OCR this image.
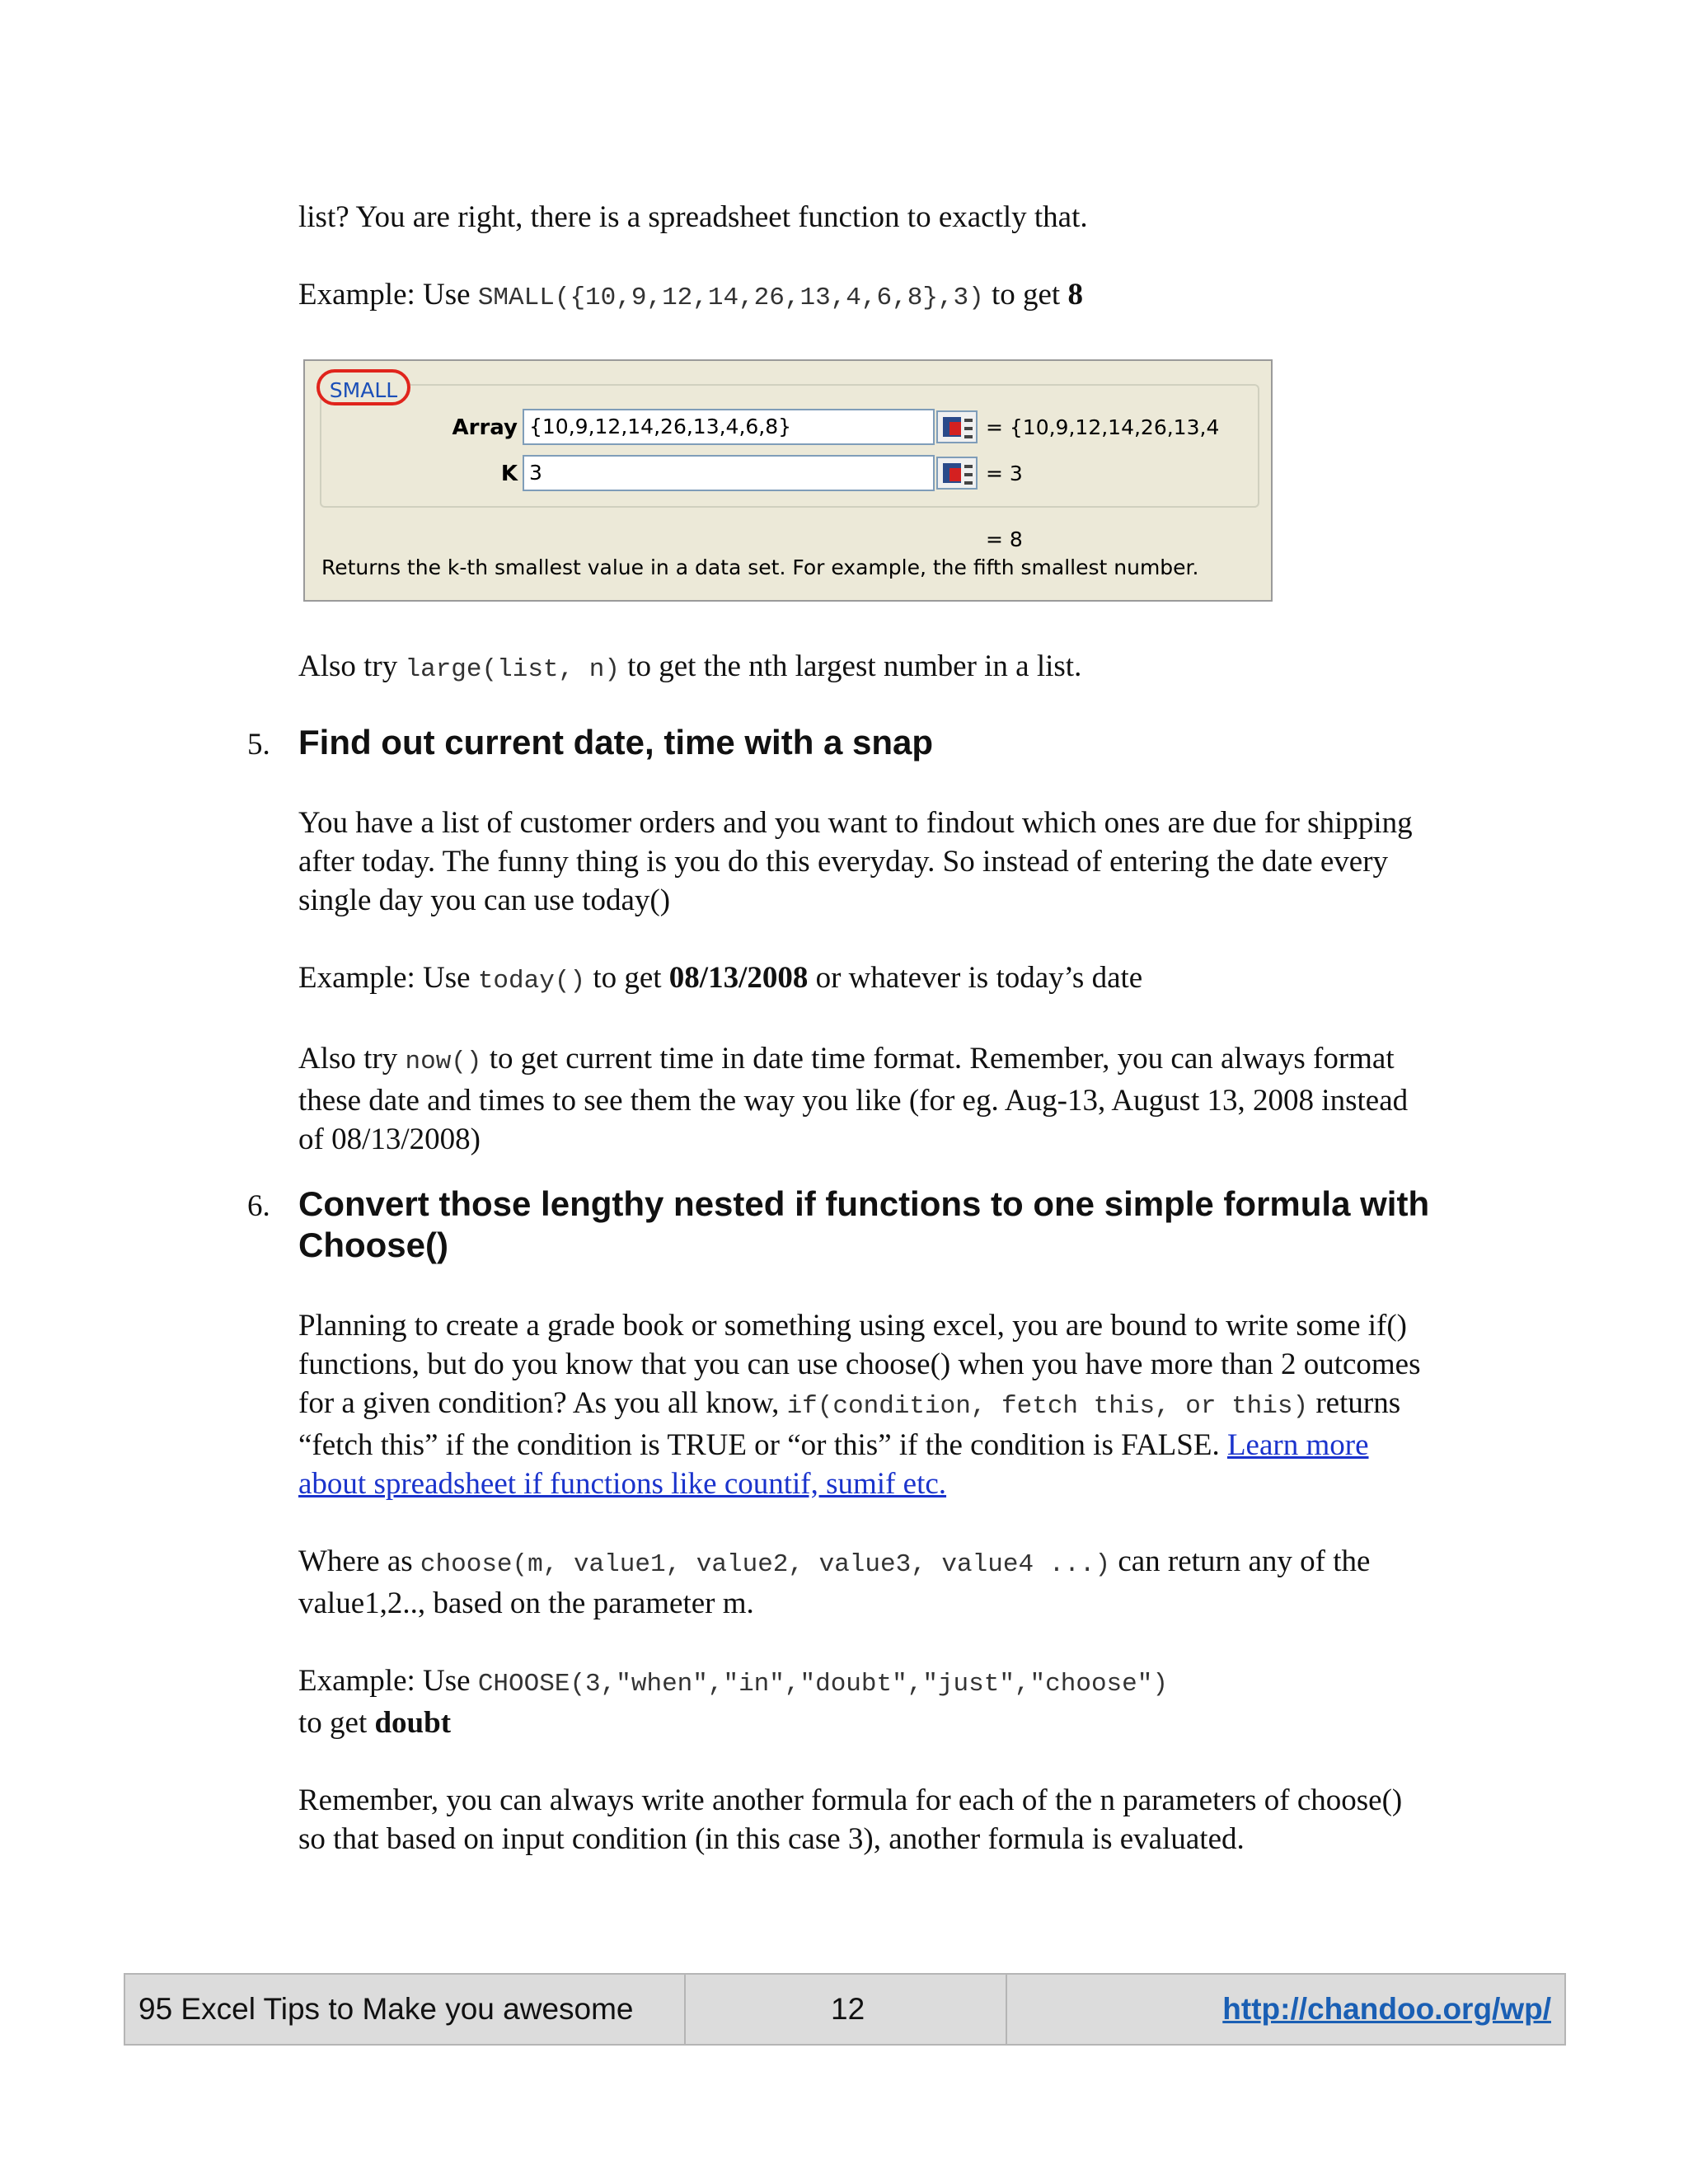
list? You are right, there is a spreadsheet function to exactly that.

Example: Use SMALL({10,9,12,14,26,13,4,6,8},3) to get 8

SMALL
Array {10,9,12,14,26,13,4,6,8}	= {10,9,12,14,26,13,4
K 3	= 3
= 8
Returns the k-th smallest value in a data set. For example, the fifth smallest number.

Also try large(list, n) to get the nth largest number in a list.

5. Find out current date, time with a snap

You have a list of customer orders and you want to findout which ones are due for shipping after today. The funny thing is you do this everyday. So instead of entering the date every single day you can use today()

Example: Use today() to get 08/13/2008 or whatever is today’s date

Also try now() to get current time in date time format. Remember, you can always format these date and times to see them the way you like (for eg. Aug-13, August 13, 2008 instead of 08/13/2008)

6. Convert those lengthy nested if functions to one simple formula with Choose()

Planning to create a grade book or something using excel, you are bound to write some if() functions, but do you know that you can use choose() when you have more than 2 outcomes for a given condition? As you all know, if(condition, fetch this, or this) returns “fetch this” if the condition is TRUE or “or this” if the condition is FALSE. Learn more about spreadsheet if functions like countif, sumif etc.

Where as choose(m, value1, value2, value3, value4 ...) can return any of the value1,2.., based on the parameter m.

Example: Use CHOOSE(3,"when","in","doubt","just","choose")
to get doubt

Remember, you can always write another formula for each of the n parameters of choose() so that based on input condition (in this case 3), another formula is evaluated.

95 Excel Tips to Make you awesome	12	http://chandoo.org/wp/
